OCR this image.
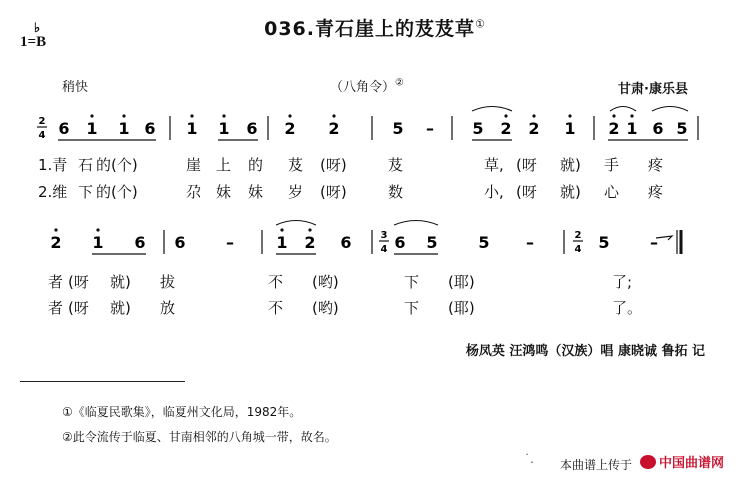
036.青石崖上的芨芨草①
1=
♭
B
稍快	（八角令）②	甘肃·康乐县
2
4 6 1 1 6 1 1 6 2 2	5 – 5 2 2 1 2 1 6 5
2 1 6 6	–	1 2 6	6 5	5 –	5	–
3
4
2
4
1.青 石 的(个)	崖 上 的 芨 (呀)	芨	草, (呀 就) 手 疼
2.维 下 的(个)	尕 妹 妹 岁 (呀)	数	小, (呀 就) 心 疼
者 (呀 就) 拔	不 (哟)	下 (耶)	了;
者 (呀 就) 放	不 (哟)	下 (耶)	了。
杨凤英 汪鸿鸣（汉族）唱 康晓诚 鲁拓 记
①《临夏民歌集》，临夏州文化局，1982年。
②此令流传于临夏、甘南相邻的八角城一带，故名。
˙. 本曲谱上传于	中国曲谱网
